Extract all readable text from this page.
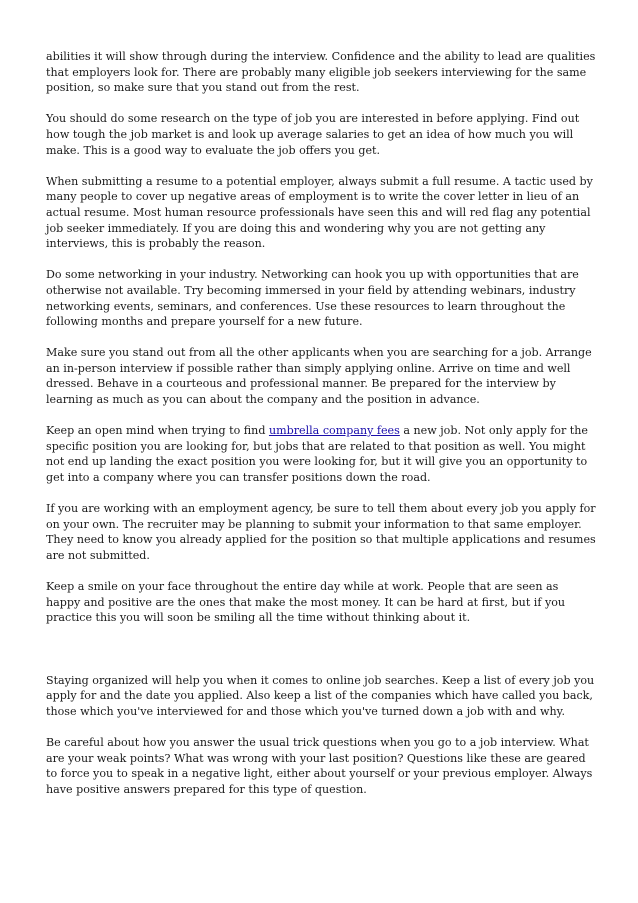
abilities it will show through during the interview. Confidence and the ability to lead are qualities that employers look for. There are probably many eligible job seekers interviewing for the same position, so make sure that you stand out from the rest.

You should do some research on the type of job you are interested in before applying. Find out how tough the job market is and look up average salaries to get an idea of how much you will make. This is a good way to evaluate the job offers you get.

When submitting a resume to a potential employer, always submit a full resume. A tactic used by many people to cover up negative areas of employment is to write the cover letter in lieu of an actual resume. Most human resource professionals have seen this and will red flag any potential job seeker immediately. If you are doing this and wondering why you are not getting any interviews, this is probably the reason.

Do some networking in your industry. Networking can hook you up with opportunities that are otherwise not available. Try becoming immersed in your field by attending webinars, industry networking events, seminars, and conferences. Use these resources to learn throughout the following months and prepare yourself for a new future.

Make sure you stand out from all the other applicants when you are searching for a job. Arrange an in-person interview if possible rather than simply applying online. Arrive on time and well dressed. Behave in a courteous and professional manner. Be prepared for the interview by learning as much as you can about the company and the position in advance.

Keep an open mind when trying to find umbrella company fees a new job. Not only apply for the specific position you are looking for, but jobs that are related to that position as well. You might not end up landing the exact position you were looking for, but it will give you an opportunity to get into a company where you can transfer positions down the road.

If you are working with an employment agency, be sure to tell them about every job you apply for on your own. The recruiter may be planning to submit your information to that same employer. They need to know you already applied for the position so that multiple applications and resumes are not submitted.

Keep a smile on your face throughout the entire day while at work. People that are seen as happy and positive are the ones that make the most money. It can be hard at first, but if you practice this you will soon be smiling all the time without thinking about it.

Staying organized will help you when it comes to online job searches. Keep a list of every job you apply for and the date you applied. Also keep a list of the companies which have called you back, those which you've interviewed for and those which you've turned down a job with and why.

Be careful about how you answer the usual trick questions when you go to a job interview. What are your weak points? What was wrong with your last position? Questions like these are geared to force you to speak in a negative light, either about yourself or your previous employer. Always have positive answers prepared for this type of question.
